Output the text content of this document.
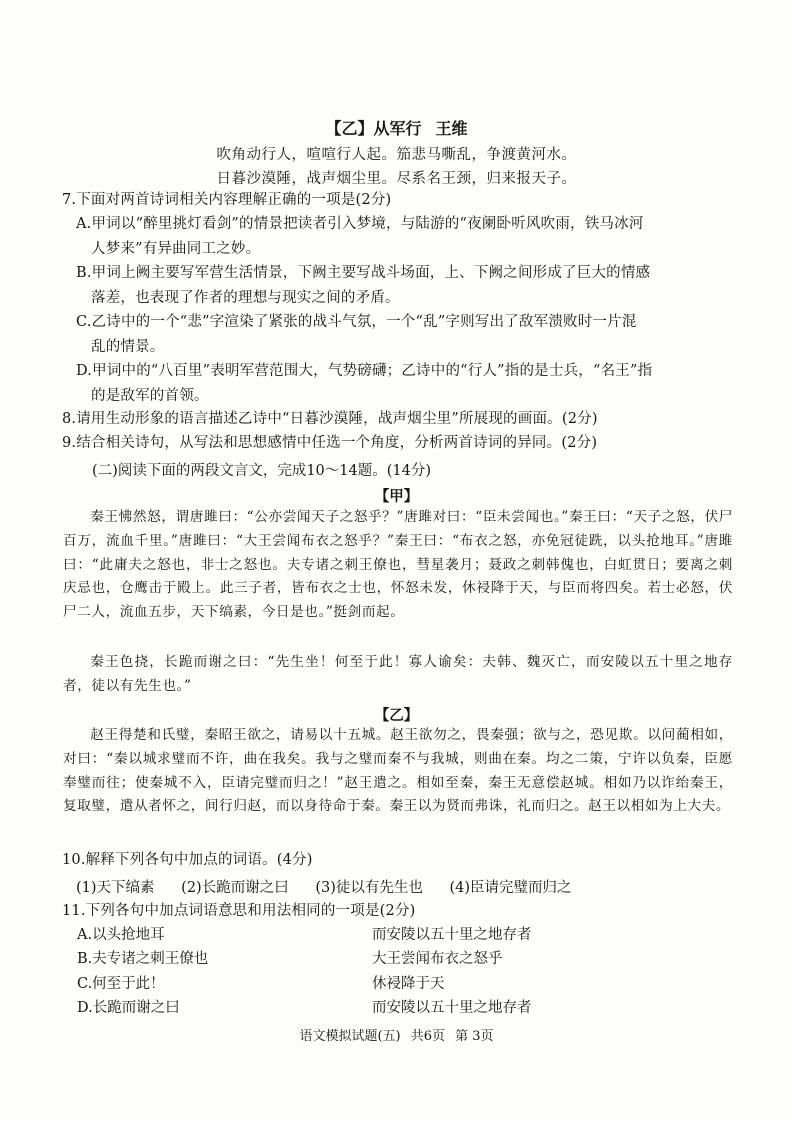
【乙】从军行 王维
吹角动行人，喧喧行人起。笳悲马嘶乱，争渡黄河水。
日暮沙漠陲，战声烟尘里。尽系名王颈，归来报天子。
7.下面对两首诗词相关内容理解正确的一项是(2分)
A.甲词以“醉里挑灯看剑”的情景把读者引入梦境，与陆游的“夜阑卧听风吹雨，铁马冰河
人梦来”有异曲同工之妙。
B.甲词上阙主要写军营生活情景，下阙主要写战斗场面，上、下阙之间形成了巨大的情感
落差，也表现了作者的理想与现实之间的矛盾。
C.乙诗中的一个“悲”字渲染了紧张的战斗气氛，一个“乱”字则写出了敌军溃败时一片混
乱的情景。
D.甲词中的“八百里”表明军营范围大，气势磅礴；乙诗中的“行人”指的是士兵，“名王”指
的是敌军的首领。
8.请用生动形象的语言描述乙诗中“日暮沙漠陲，战声烟尘里”所展现的画面。(2分)
9.结合相关诗句，从写法和思想感情中任选一个角度，分析两首诗词的异同。(2分)
(二)阅读下面的两段文言文，完成10～14题。(14分)
【甲】
秦王怫然怒，谓唐雎曰：“公亦尝闻天子之怒乎？”唐雎对曰：“臣未尝闻也。”秦王曰：“天子之怒，伏尸百万，流血千里。”唐雎曰：“大王尝闻布衣之怒乎？”秦王曰：“布衣之怒，亦免冠徒跣，以头抢地耳。”唐雎曰：“此庸夫之怒也，非士之怒也。夫专诸之刺王僚也，彗星袭月；聂政之刺韩傀也，白虹贯日；要离之刺庆忌也，仓鹰击于殿上。此三子者，皆布衣之士也，怀怒未发，休祲降于天，与臣而将四矣。若士必怒，伏尸二人，流血五步，天下缟素，今日是也。”挺剑而起。
秦王色挠，长跪而谢之曰：“先生坐！何至于此！寡人谕矣：夫韩、魏灭亡，而安陵以五十里之地存者，徒以有先生也。”
【乙】
赵王得楚和氏璧，秦昭王欲之，请易以十五城。赵王欲勿之，畏秦强；欲与之，恐见欺。以问蔺相如，对曰：“秦以城求璧而不许，曲在我矣。我与之璧而秦不与我城，则曲在秦。均之二策，宁许以负秦，臣愿奉璧而往；使秦城不入，臣请完璧而归之！”赵王遣之。相如至秦，秦王无意偿赵城。相如乃以诈绐秦王，复取璧，遣从者怀之，间行归赵，而以身待命于秦。秦王以为贤而弗诛，礼而归之。赵王以相如为上大夫。
10.解释下列各句中加点的词语。(4分)
(1)天下缟素 (2)长跪而谢之曰 (3)徒以有先生也 (4)臣请完璧而归之
11.下列各句中加点词语意思和用法相同的一项是(2分)
A.以头抢地耳	而安陵以五十里之地存者
B.夫专诸之刺王僚也	大王尝闻布衣之怒乎
C.何至于此！	休祲降于天
D.长跪而谢之曰	而安陵以五十里之地存者
语文模拟试题(五) 共6页 第 3页
